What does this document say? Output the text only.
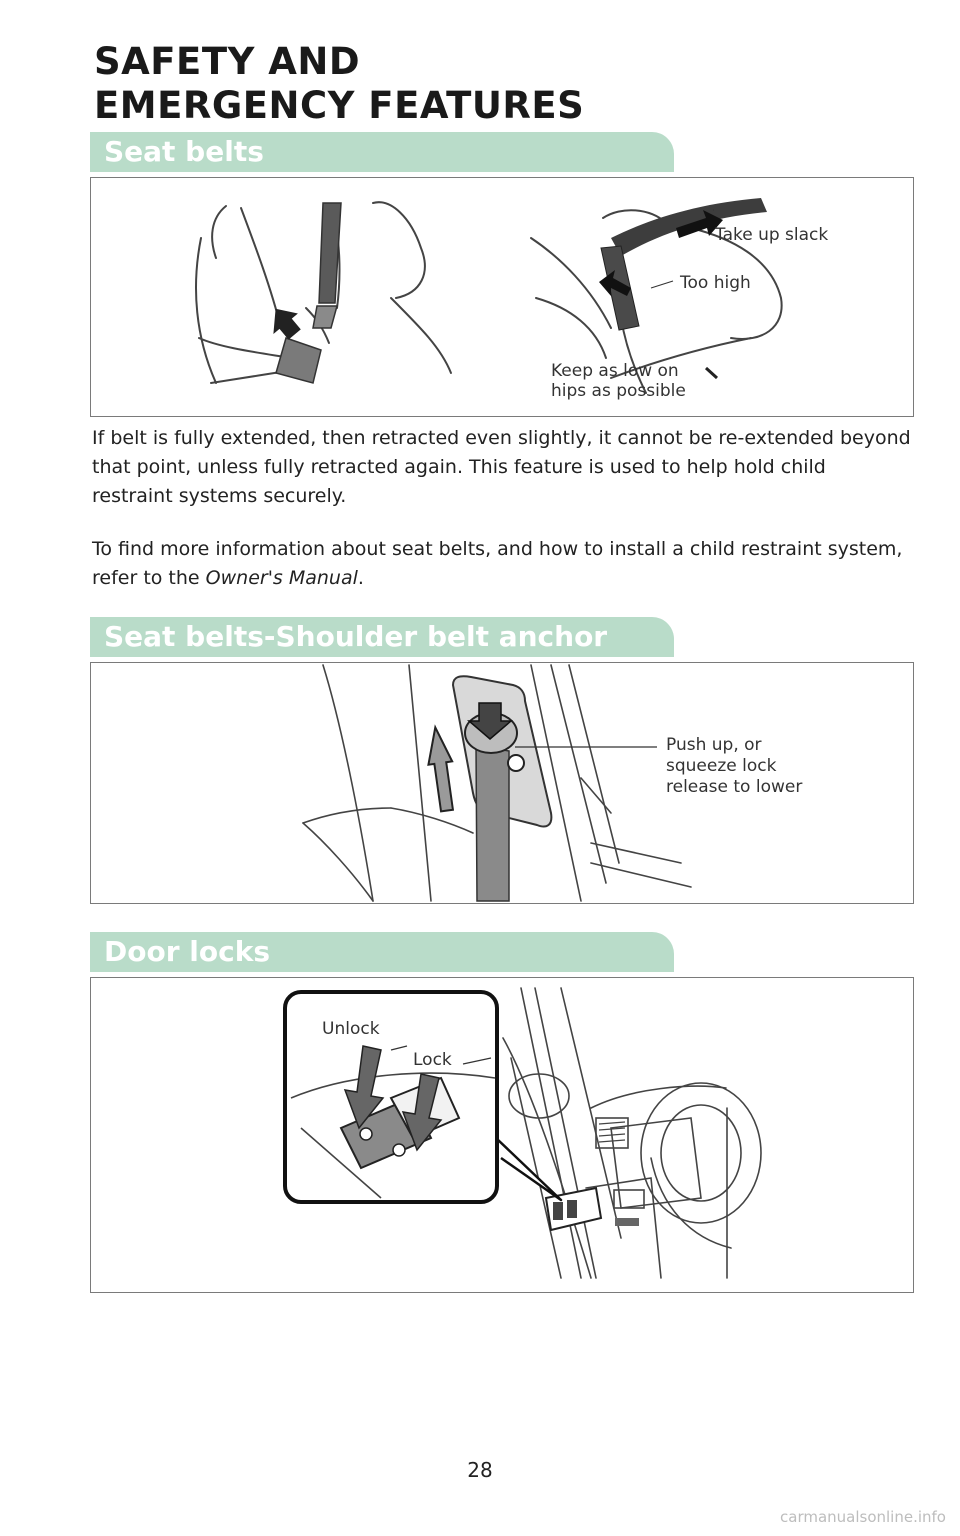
SAFETY AND
EMERGENCY FEATURES
Seat belts
Take up slack
Too high
Keep as low on
hips as possible

If belt is fully extended, then retracted even slightly, it cannot be re-extended beyond that point, unless fully retracted again. This feature is used to help hold child restraint systems securely.

To find more information about seat belts, and how to install a child restraint system, refer to the Owner's Manual.

Seat belts-Shoulder belt anchor
Push up, or
squeeze lock
release to lower
Door locks
Unlock
Lock
28
carmanualsonline.info
